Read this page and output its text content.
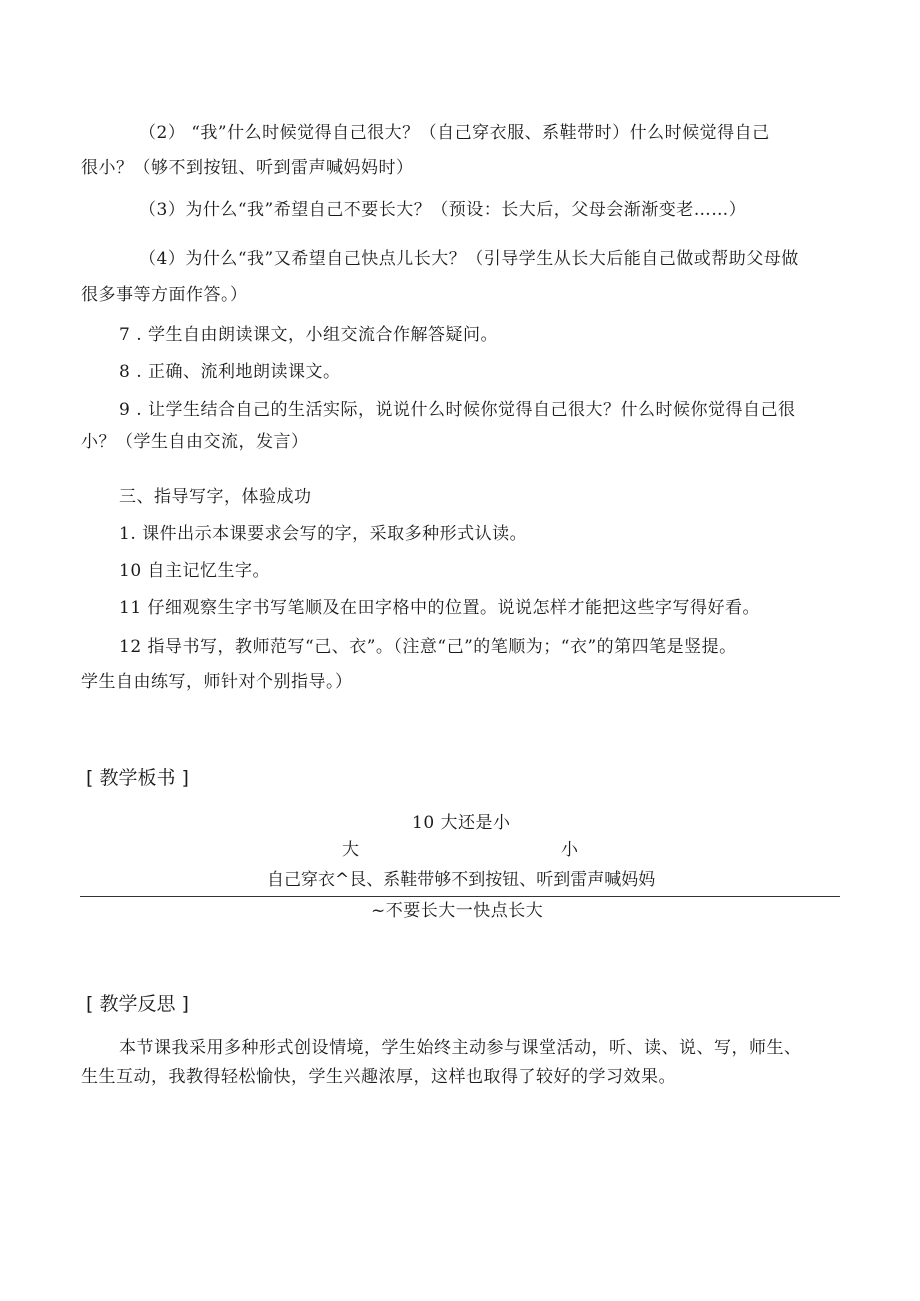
（2） “我”什么时候觉得自己很大？（自己穿衣服、系鞋带时）什么时候觉得自己
很小？（够不到按钮、听到雷声喊妈妈时）
（3）为什么“我”希望自己不要长大？（预设：长大后，父母会渐渐变老……）
（4）为什么“我”又希望自己快点儿长大？（引导学生从长大后能自己做或帮助父母做
很多事等方面作答。）
7 . 学生自由朗读课文，小组交流合作解答疑问。
8 . 正确、流利地朗读课文。
9 . 让学生结合自己的生活实际，说说什么时候你觉得自己很大？什么时候你觉得自己很
小？（学生自由交流，发言）
三、指导写字，体验成功
1. 课件出示本课要求会写的字，采取多种形式认读。
10 自主记忆生字。
11 仔细观察生字书写笔顺及在田字格中的位置。说说怎样才能把这些字写得好看。
12 指导书写，教师范写“己、衣”。（注意“己”的笔顺为；“衣”的第四笔是竖提。
学生自由练写，师针对个别指导。）
[ 教学板书 ]
10 大还是小
大	小
自己穿衣^艮、系鞋带够不到按钮、听到雷声喊妈妈
~不要长大一快点长大
[ 教学反思 ]
本节课我采用多种形式创设情境，学生始终主动参与课堂活动，听、读、说、写，师生、
生生互动，我教得轻松愉快，学生兴趣浓厚，这样也取得了较好的学习效果。
